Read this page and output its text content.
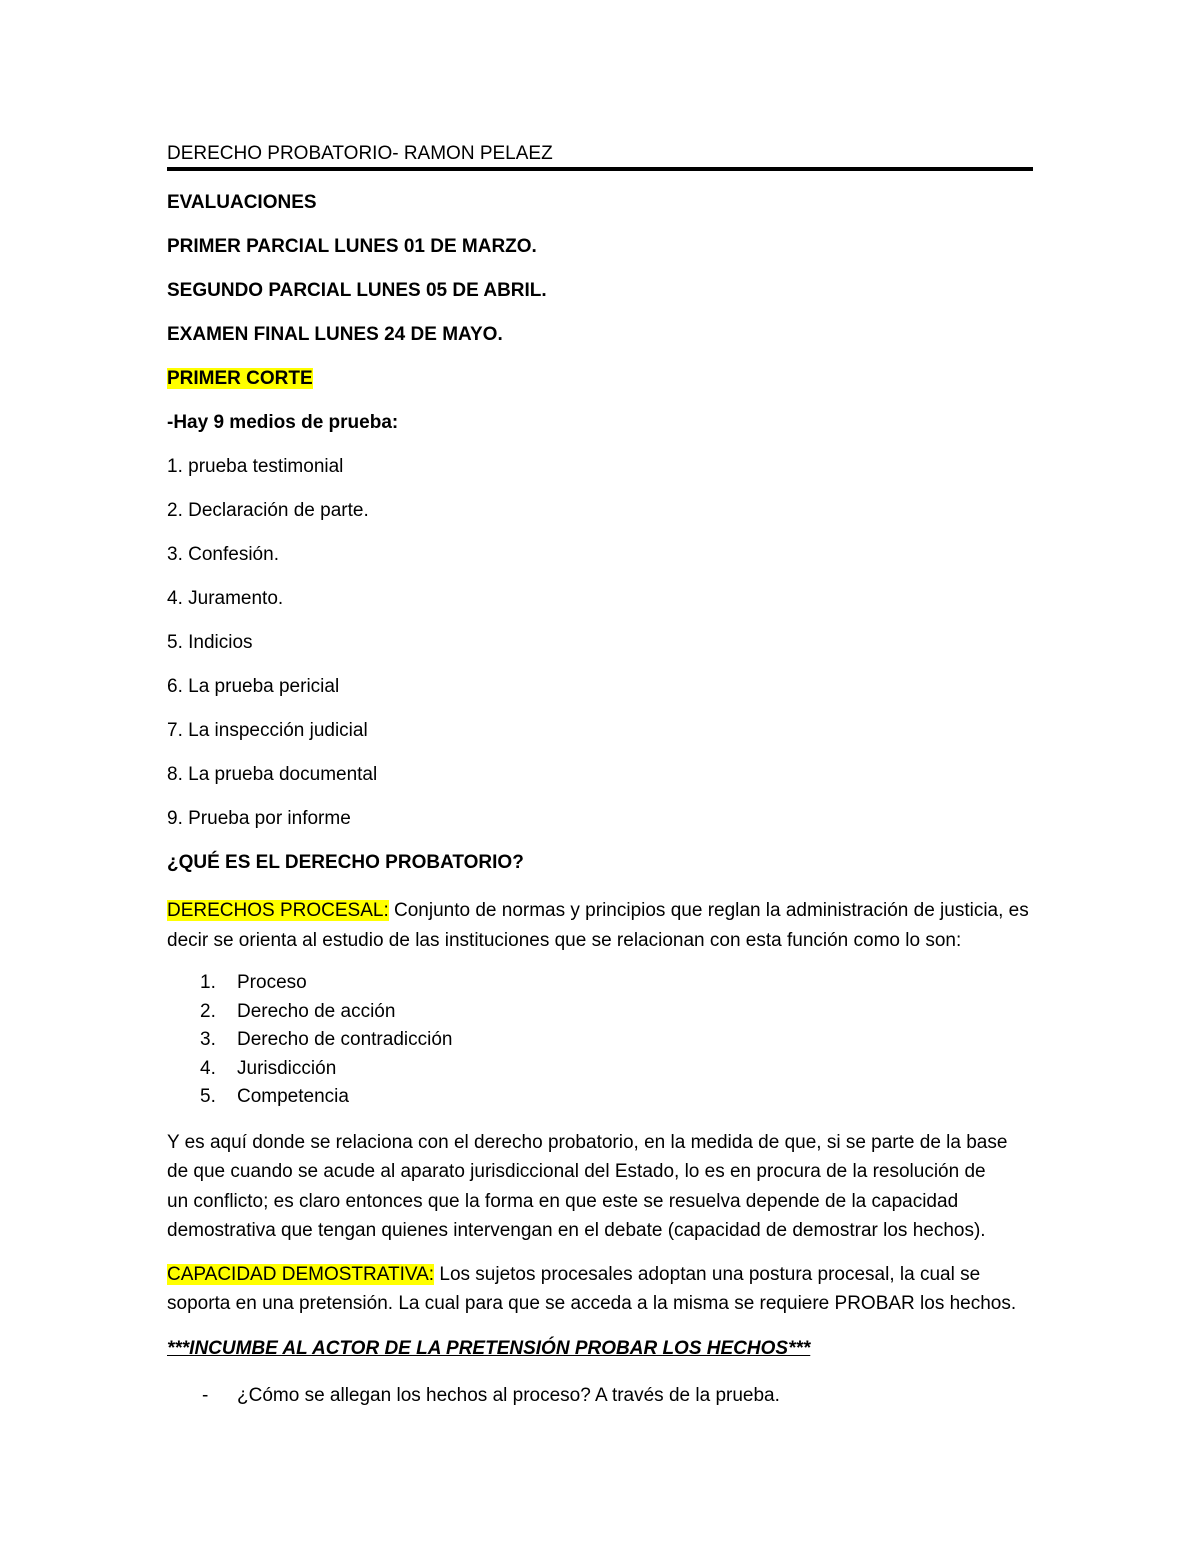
DERECHO PROBATORIO- RAMON PELAEZ
EVALUACIONES
PRIMER PARCIAL LUNES 01 DE MARZO.
SEGUNDO PARCIAL LUNES 05 DE ABRIL.
EXAMEN FINAL LUNES 24 DE MAYO.
PRIMER CORTE
-Hay 9 medios de prueba:
1. prueba testimonial
2. Declaración de parte.
3. Confesión.
4. Juramento.
5. Indicios
6. La prueba pericial
7. La inspección judicial
8. La prueba documental
9. Prueba por informe
¿QUÉ ES EL DERECHO PROBATORIO?
DERECHOS PROCESAL: Conjunto de normas y principios que reglan la administración de justicia, es
decir se orienta al estudio de las instituciones que se relacionan con esta función como lo son:
1. Proceso
2. Derecho de acción
3. Derecho de contradicción
4. Jurisdicción
5. Competencia
Y es aquí donde se relaciona con el derecho probatorio, en la medida de que, si se parte de la base
de que cuando se acude al aparato jurisdiccional del Estado, lo es en procura de la resolución de
un conflicto; es claro entonces que la forma en que este se resuelva depende de la capacidad
demostrativa que tengan quienes intervengan en el debate (capacidad de demostrar los hechos).
CAPACIDAD DEMOSTRATIVA: Los sujetos procesales adoptan una postura procesal, la cual se
soporta en una pretensión. La cual para que se acceda a la misma se requiere PROBAR los hechos.
***INCUMBE AL ACTOR DE LA PRETENSIÓN PROBAR LOS HECHOS***
- ¿Cómo se allegan los hechos al proceso? A través de la prueba.
